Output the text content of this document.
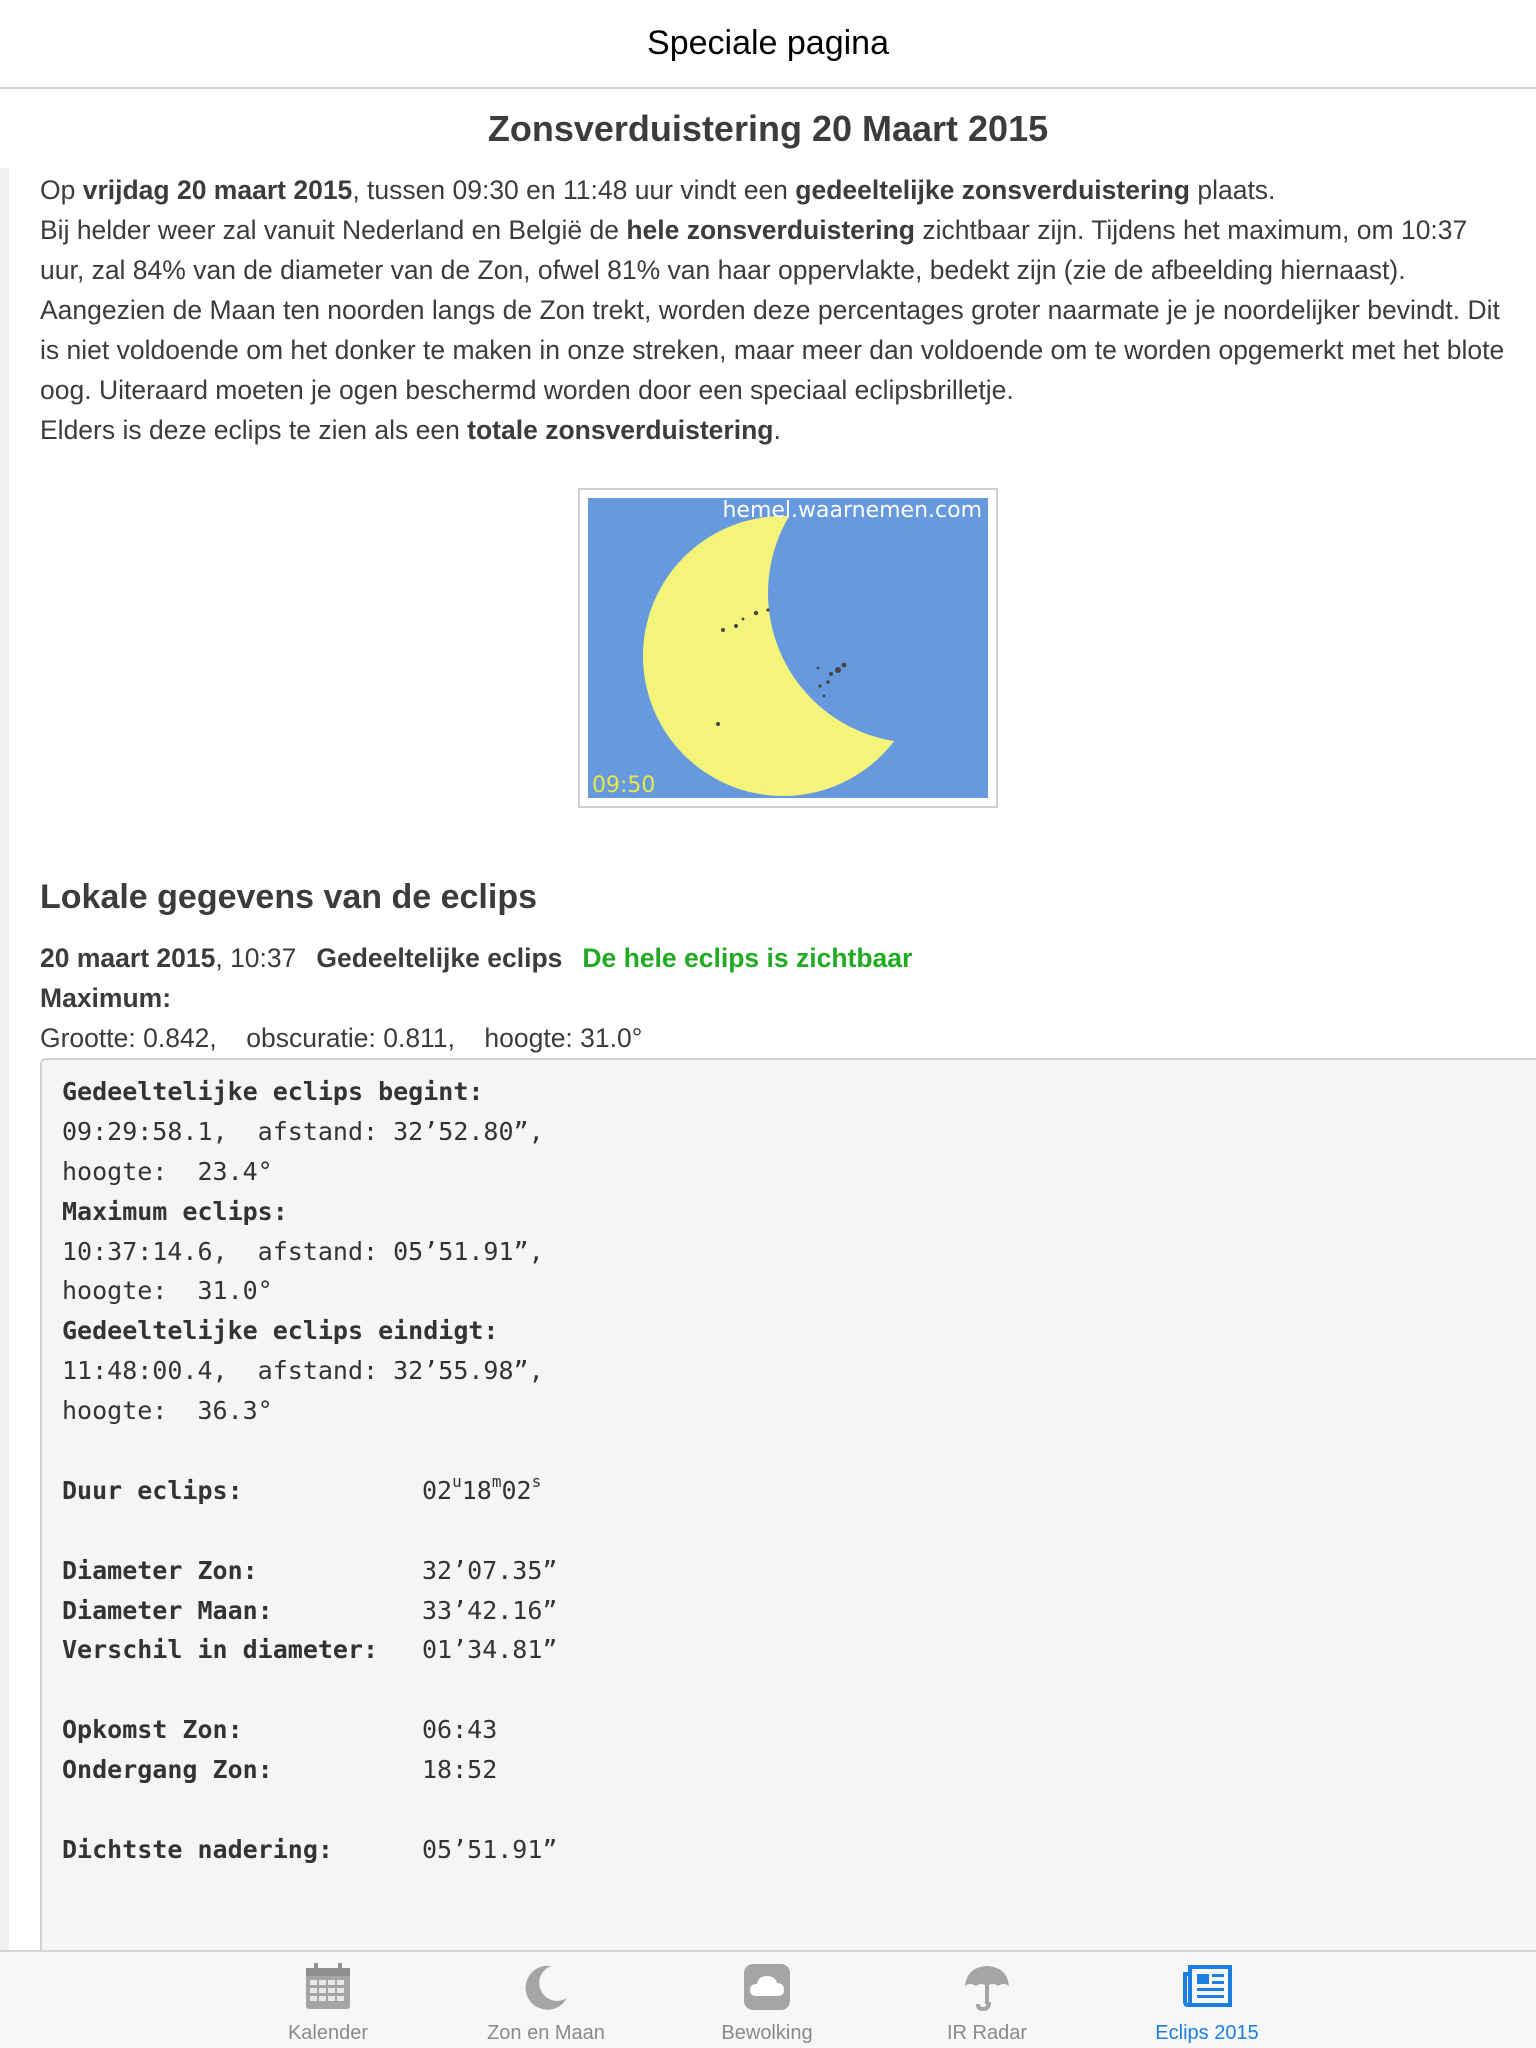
Speciale pagina
Zonsverduistering 20 Maart 2015
Op vrijdag 20 maart 2015, tussen 09:30 en 11:48 uur vindt een gedeeltelijke zonsverduistering plaats.
Bij helder weer zal vanuit Nederland en België de hele zonsverduistering zichtbaar zijn. Tijdens het maximum, om 10:37 uur, zal 84% van de diameter van de Zon, ofwel 81% van haar oppervlakte, bedekt zijn (zie de afbeelding hiernaast). Aangezien de Maan ten noorden langs de Zon trekt, worden deze percentages groter naarmate je je noordelijker bevindt. Dit is niet voldoende om het donker te maken in onze streken, maar meer dan voldoende om te worden opgemerkt met het blote oog. Uiteraard moeten je ogen beschermd worden door een speciaal eclipsbrilletje.
Elders is deze eclips te zien als een totale zonsverduistering.
hemel.waarnemen.com
09:50
Lokale gegevens van de eclips
20 maart 2015, 10:37 Gedeeltelijke eclips De hele eclips is zichtbaar
Maximum:
Grootte: 0.842,    obscuratie: 0.811,    hoogte: 31.0°
Gedeeltelijke eclips begint:
09:29:58.1,  afstand: 32’52.80”,
hoogte:  23.4°
Maximum eclips:
10:37:14.6,  afstand: 05’51.91”,
hoogte:  31.0°
Gedeeltelijke eclips eindigt:
11:48:00.4,  afstand: 32’55.98”,
hoogte:  36.3°
Duur eclips:	02$^u$18$^m$02$^s$
Diameter Zon:	32’07.35”
Diameter Maan:	33’42.16”
Verschil in diameter: 01’34.81”
Opkomst Zon:	06:43
Ondergang Zon:	18:52
Dichtste nadering:	05’51.91”
Kalender	Zon en Maan	Bewolking	IR Radar	Eclips 2015
